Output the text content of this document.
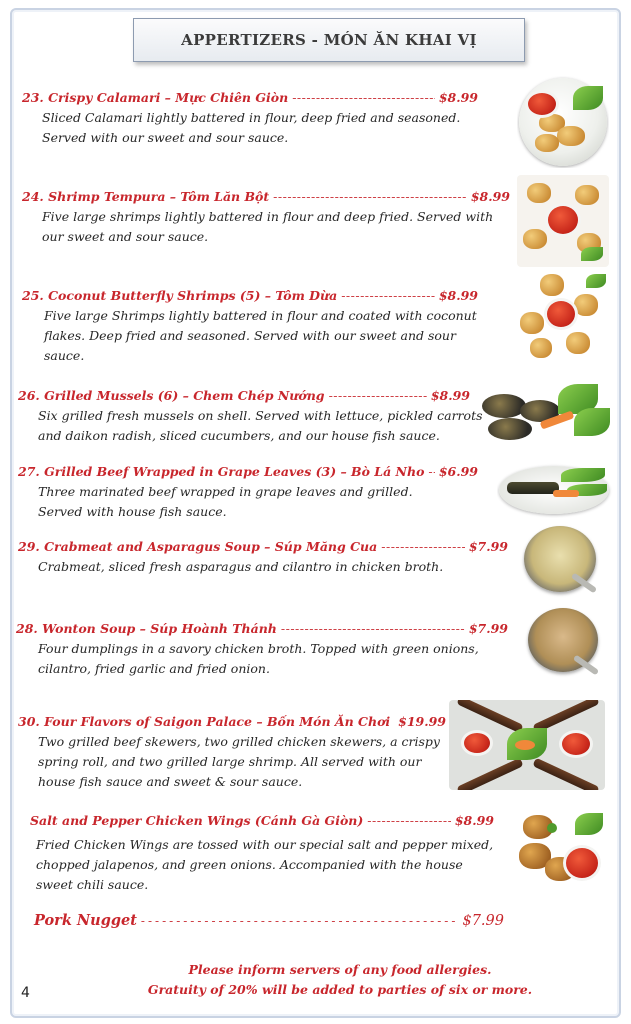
APPERTIZERS - MÓN ĂN KHAI VỊ
23. Crispy Calamari – Mực Chiên Giòn -----	$8.99
Sliced Calamari lightly battered in flour, deep fried and seasoned.
Served with our sweet and sour sauce.
24. Shrimp Tempura – Tôm Lăn Bột -----	$8.99
Five large shrimps lightly battered in flour and deep fried. Served with
our sweet and sour sauce.
25. Coconut Butterfly Shrimps (5) – Tôm Dừa -----	$8.99
Five large Shrimps lightly battered in flour and coated with coconut
flakes. Deep fried and seasoned. Served with our sweet and sour sauce.
26. Grilled Mussels (6) – Chem Chép Nướng -----	$8.99
Six grilled fresh mussels on shell. Served with lettuce, pickled carrots
and daikon radish, sliced cucumbers, and our house fish sauce.
27. Grilled Beef Wrapped in Grape Leaves (3) – Bò Lá Nho ----- $6.99
Three marinated beef wrapped in grape leaves and grilled.
Served with house fish sauce.
29. Crabmeat and Asparagus Soup – Súp Măng Cua -----	$7.99
Crabmeat, sliced fresh asparagus and cilantro in chicken broth.
28. Wonton Soup – Súp Hoành Thánh -----	$7.99
Four dumplings in a savory chicken broth. Topped with green onions,
cilantro, fried garlic and fried onion.
30. Four Flavors of Saigon Palace – Bốn Món Ăn Chơi $19.99
Two grilled beef skewers, two grilled chicken skewers, a crispy
spring roll, and two grilled large shrimp. All served with our
house fish sauce and sweet & sour sauce.
Salt and Pepper Chicken Wings (Cánh Gà Giòn) -----	$8.99
Fried Chicken Wings are tossed with our special salt and pepper mixed,
chopped jalapenos, and green onions. Accompanied with the house
sweet chili sauce.
Pork Nugget -----	$7.99
Please inform servers of any food allergies.
Gratuity of 20% will be added to parties of six or more.
4
